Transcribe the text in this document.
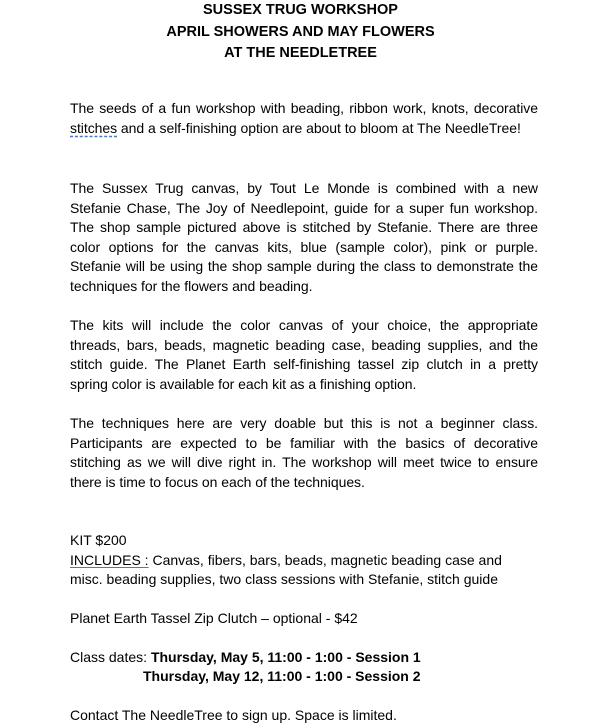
SUSSEX TRUG WORKSHOP
APRIL SHOWERS AND MAY FLOWERS
AT THE NEEDLETREE

The seeds of a fun workshop with beading, ribbon work, knots, decorative stitches and a self-finishing option are about to bloom at The NeedleTree!

The Sussex Trug canvas, by Tout Le Monde is combined with a new Stefanie Chase, The Joy of Needlepoint, guide for a super fun workshop. The shop sample pictured above is stitched by Stefanie. There are three color options for the canvas kits, blue (sample color), pink or purple. Stefanie will be using the shop sample during the class to demonstrate the techniques for the flowers and beading.

The kits will include the color canvas of your choice, the appropriate threads, bars, beads, magnetic beading case, beading supplies, and the stitch guide. The Planet Earth self-finishing tassel zip clutch in a pretty spring color is available for each kit as a finishing option.

The techniques here are very doable but this is not a beginner class. Participants are expected to be familiar with the basics of decorative stitching as we will dive right in. The workshop will meet twice to ensure there is time to focus on each of the techniques.

KIT $200
INCLUDES : Canvas, fibers, bars, beads, magnetic beading case and
misc. beading supplies, two class sessions with Stefanie, stitch guide
Planet Earth Tassel Zip Clutch – optional - $42
Class dates: Thursday, May 5, 11:00 - 1:00 - Session 1
Thursday, May 12, 11:00 - 1:00 - Session 2
Contact The NeedleTree to sign up. Space is limited.
